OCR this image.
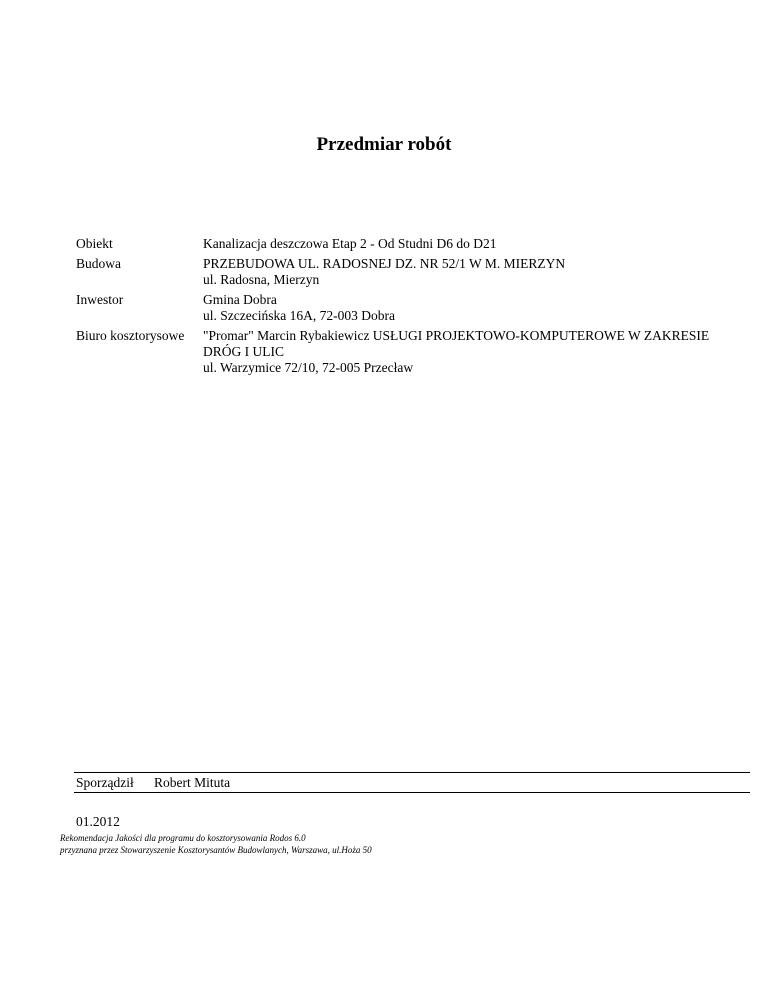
Przedmiar robót
Obiekt	Kanalizacja deszczowa Etap 2 - Od Studni D6 do D21
Budowa	PRZEBUDOWA UL. RADOSNEJ DZ. NR 52/1 W M. MIERZYN
ul. Radosna, Mierzyn
Inwestor	Gmina Dobra
ul. Szczecińska 16A, 72-003 Dobra
Biuro kosztorysowe	"Promar" Marcin Rybakiewicz USŁUGI PROJEKTOWO-KOMPUTEROWE W ZAKRESIE
DRÓG I ULIC
ul. Warzymice 72/10, 72-005 Przecław
Sporządził Robert Mituta
01.2012
Rekomendacja Jakości dla programu do kosztorysowania Rodos 6.0
przyznana przez Stowarzyszenie Kosztorysantów Budowlanych, Warszawa, ul.Hoża 50
